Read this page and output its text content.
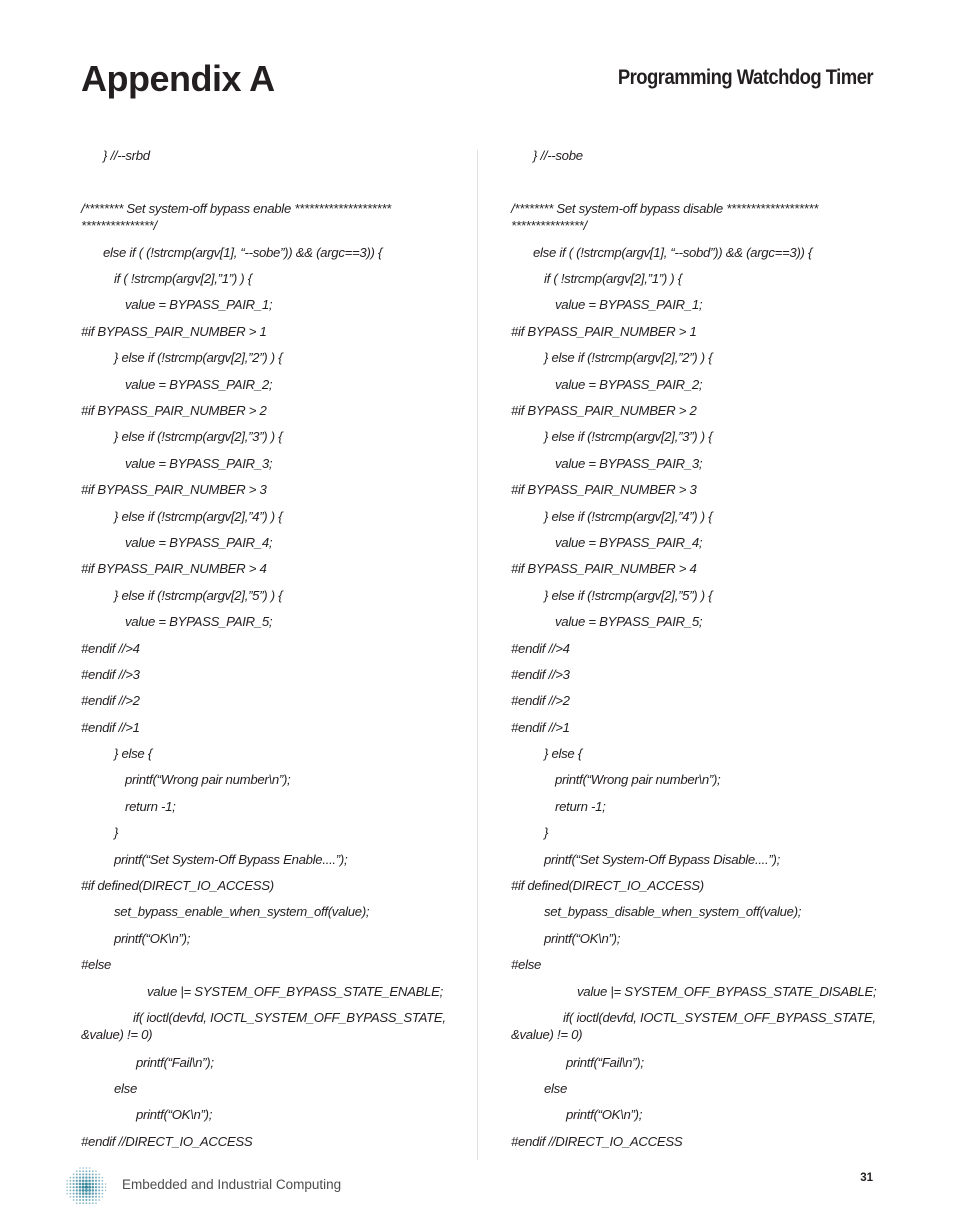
Appendix A	Programming Watchdog Timer
} //--srbd
/******** Set system-off bypass enable ******************** ***************/
else if ( (!strcmp(argv[1], “--sobe”)) && (argc==3)) {
if ( !strcmp(argv[2],”1”) ) {
value = BYPASS_PAIR_1;
#if BYPASS_PAIR_NUMBER > 1
} else if (!strcmp(argv[2],”2”) ) {
value = BYPASS_PAIR_2;
#if BYPASS_PAIR_NUMBER > 2
} else if (!strcmp(argv[2],”3”) ) {
value = BYPASS_PAIR_3;
#if BYPASS_PAIR_NUMBER > 3
} else if (!strcmp(argv[2],”4”) ) {
value = BYPASS_PAIR_4;
#if BYPASS_PAIR_NUMBER > 4
} else if (!strcmp(argv[2],”5”) ) {
value = BYPASS_PAIR_5;
#endif //>4
#endif //>3
#endif //>2
#endif //>1
} else {
printf(“Wrong pair number\n”);
return -1;
}
printf(“Set System-Off Bypass Enable....”);
#if defined(DIRECT_IO_ACCESS)
set_bypass_enable_when_system_off(value);
printf(“OK\n”);
#else
value |= SYSTEM_OFF_BYPASS_STATE_ENABLE;
if( ioctl(devfd, IOCTL_SYSTEM_OFF_BYPASS_STATE, &value) != 0)
printf(“Fail\n”);
else
printf(“OK\n”);
#endif //DIRECT_IO_ACCESS
} //--sobe
/******** Set system-off bypass disable ******************* ***************/
else if ( (!strcmp(argv[1], “--sobd”)) && (argc==3)) {
if ( !strcmp(argv[2],”1”) ) {
value = BYPASS_PAIR_1;
#if BYPASS_PAIR_NUMBER > 1
} else if (!strcmp(argv[2],”2”) ) {
value = BYPASS_PAIR_2;
#if BYPASS_PAIR_NUMBER > 2
} else if (!strcmp(argv[2],”3”) ) {
value = BYPASS_PAIR_3;
#if BYPASS_PAIR_NUMBER > 3
} else if (!strcmp(argv[2],”4”) ) {
value = BYPASS_PAIR_4;
#if BYPASS_PAIR_NUMBER > 4
} else if (!strcmp(argv[2],”5”) ) {
value = BYPASS_PAIR_5;
#endif //>4
#endif //>3
#endif //>2
#endif //>1
} else {
printf(“Wrong pair number\n”);
return -1;
}
printf(“Set System-Off Bypass Disable....”);
#if defined(DIRECT_IO_ACCESS)
set_bypass_disable_when_system_off(value);
printf(“OK\n”);
#else
value |= SYSTEM_OFF_BYPASS_STATE_DISABLE;
if( ioctl(devfd, IOCTL_SYSTEM_OFF_BYPASS_STATE, &value) != 0)
printf(“Fail\n”);
else
printf(“OK\n”);
#endif //DIRECT_IO_ACCESS
Embedded and Industrial Computing	31
